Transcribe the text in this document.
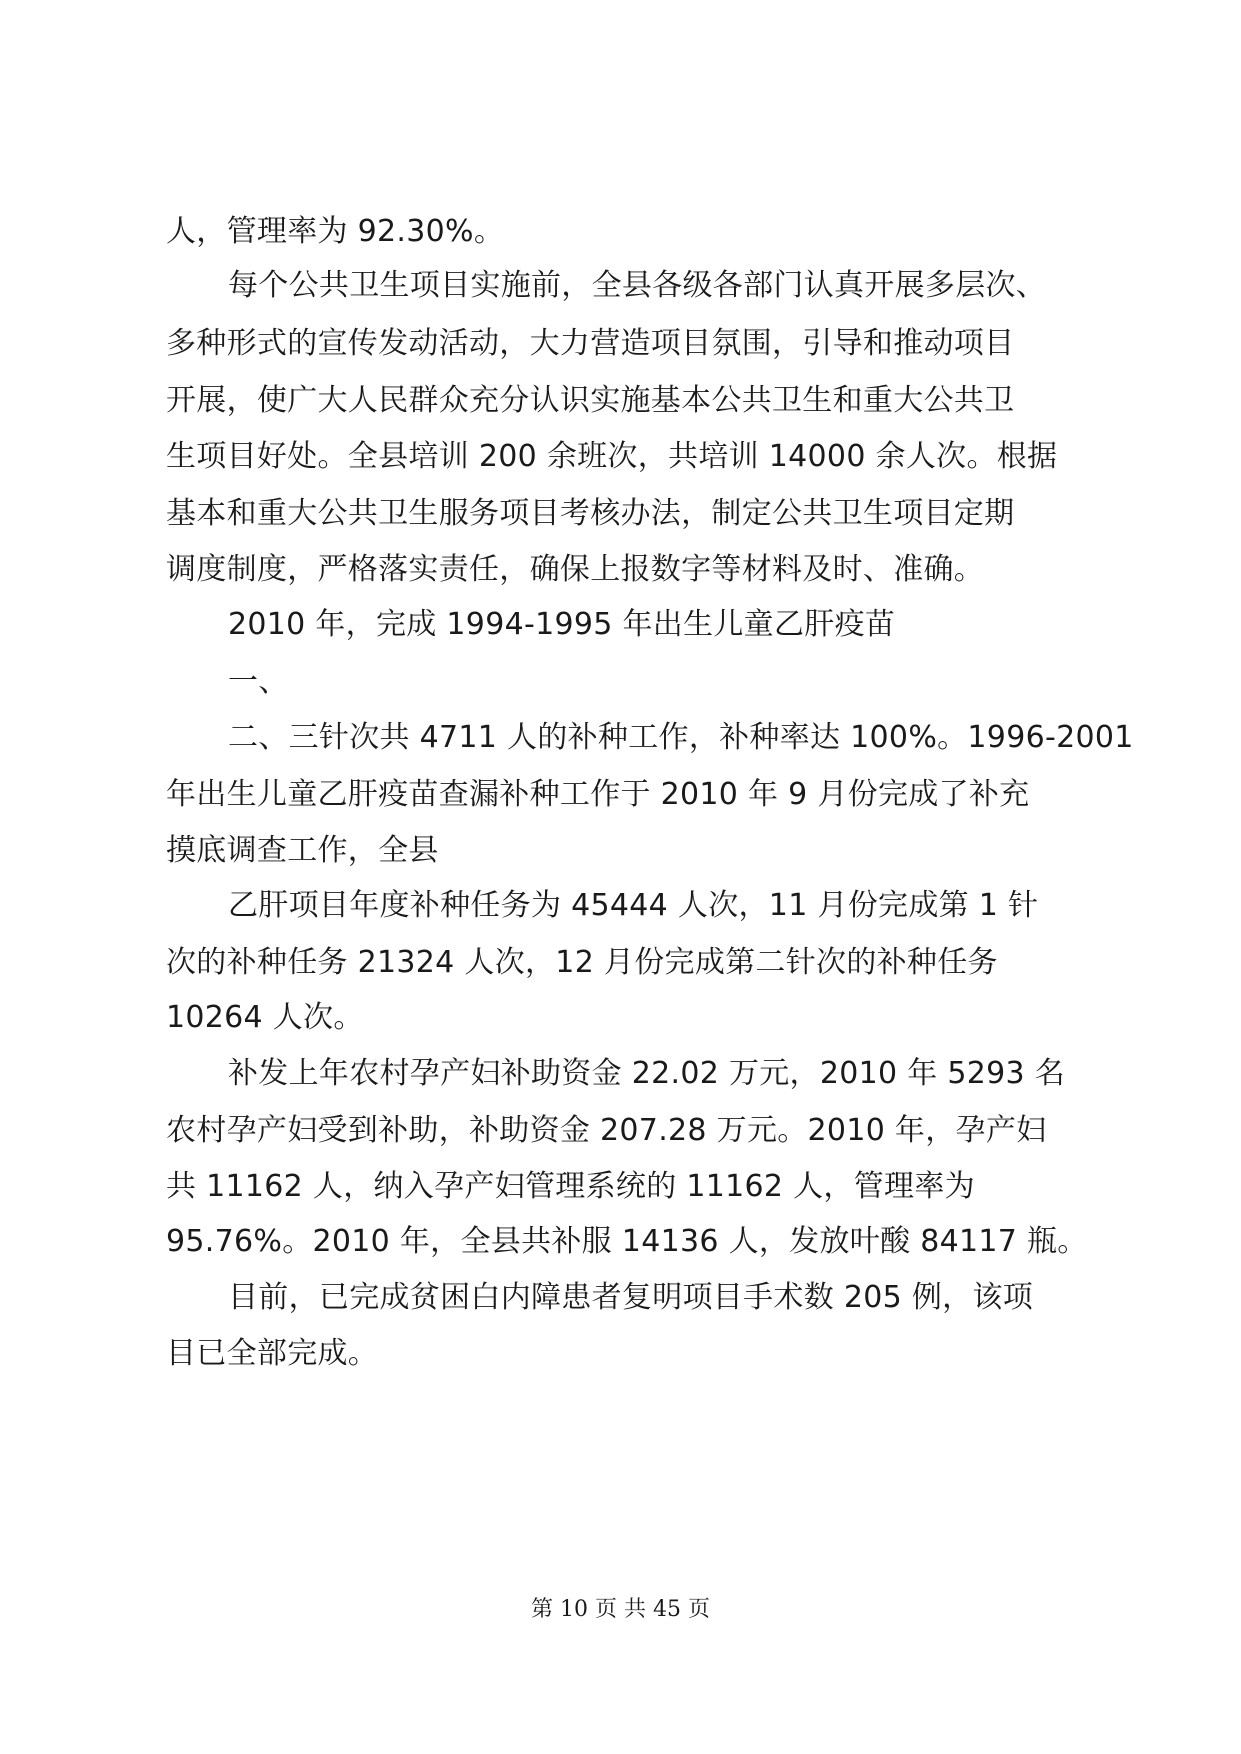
人，管理率为 92.30%。
每个公共卫生项目实施前，全县各级各部门认真开展多层次、
多种形式的宣传发动活动，大力营造项目氛围，引导和推动项目
开展，使广大人民群众充分认识实施基本公共卫生和重大公共卫
生项目好处。全县培训 200 余班次，共培训 14000 余人次。根据
基本和重大公共卫生服务项目考核办法，制定公共卫生项目定期
调度制度，严格落实责任，确保上报数字等材料及时、准确。
2010 年，完成 1994-1995 年出生儿童乙肝疫苗
一、
二、三针次共 4711 人的补种工作，补种率达 100%。1996-2001
年出生儿童乙肝疫苗查漏补种工作于 2010 年 9 月份完成了补充
摸底调查工作，全县
乙肝项目年度补种任务为 45444 人次，11 月份完成第 1 针
次的补种任务 21324 人次，12 月份完成第二针次的补种任务
10264 人次。
补发上年农村孕产妇补助资金 22.02 万元，2010 年 5293 名
农村孕产妇受到补助，补助资金 207.28 万元。2010 年，孕产妇
共 11162 人，纳入孕产妇管理系统的 11162 人，管理率为
95.76%。2010 年，全县共补服 14136 人，发放叶酸 84117 瓶。
目前，已完成贫困白内障患者复明项目手术数 205 例，该项
目已全部完成。
第 10 页 共 45 页
